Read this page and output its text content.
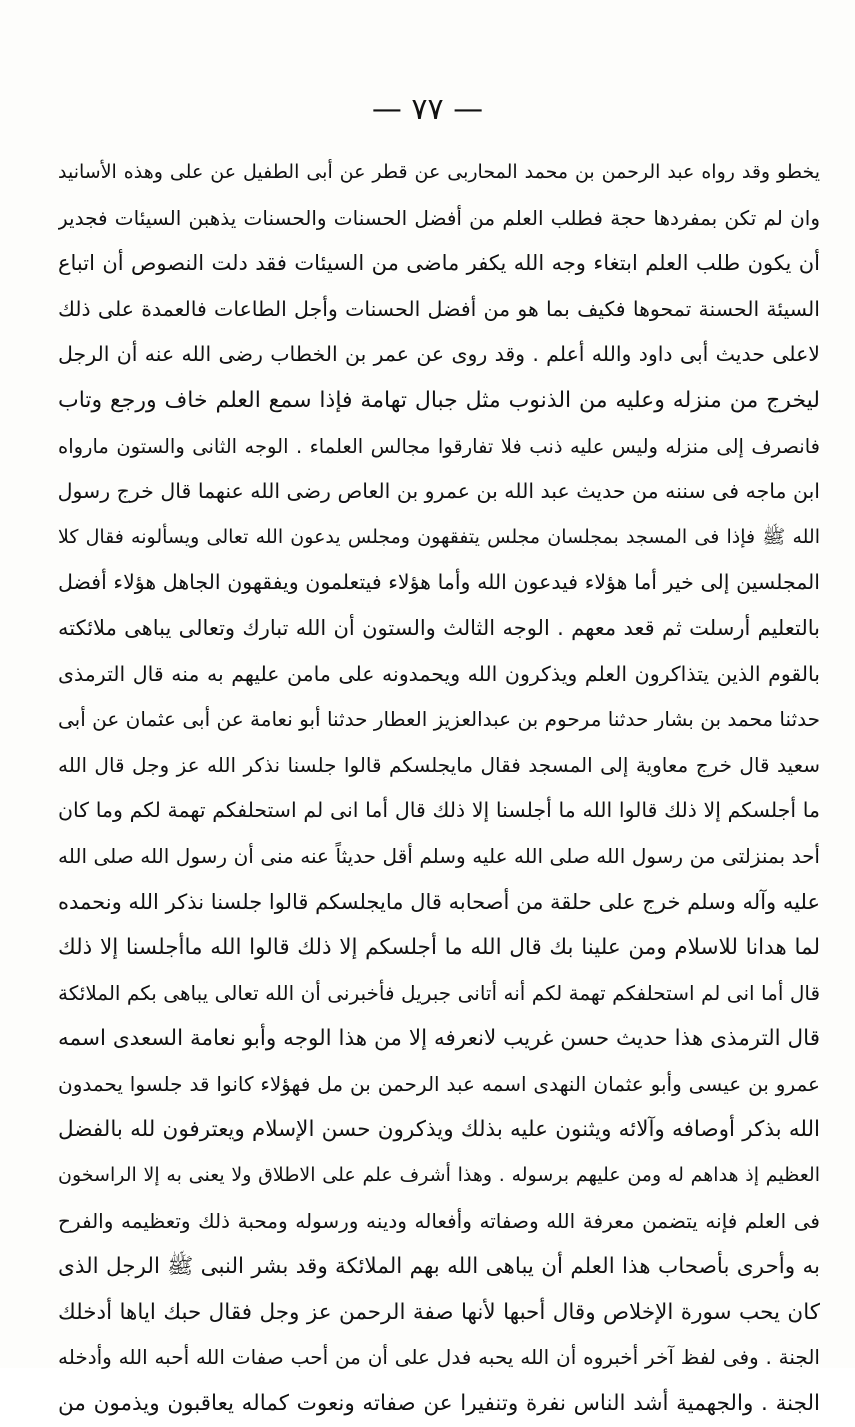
— ٧٧ —
يخطو وقد رواه عبد الرحمن بن محمد المحاربى عن قطر عن أبى الطفيل عن على وهذه الأسانيد
وان لم تكن بمفردها حجة فطلب العلم من أفضل الحسنات والحسنات يذهبن السيئات فجدير
أن يكون طلب العلم ابتغاء وجه الله يكفر ماضى من السيئات فقد دلت النصوص أن اتباع
السيئة الحسنة تمحوها فكيف بما هو من أفضل الحسنات وأجل الطاعات فالعمدة على ذلك
لاعلى حديث أبى داود والله أعلم . وقد روى عن عمر بن الخطاب رضى الله عنه أن الرجل
ليخرج من منزله وعليه من الذنوب مثل جبال تهامة فإذا سمع العلم خاف ورجع وتاب
فانصرف إلى منزله وليس عليه ذنب فلا تفارقوا مجالس العلماء . الوجه الثانى والستون مارواه
ابن ماجه فى سننه من حديث عبد الله بن عمرو بن العاص رضى الله عنهما قال خرج رسول
الله ﷺ فإذا فى المسجد بمجلسان مجلس يتفقهون ومجلس يدعون الله تعالى ويسألونه فقال كلا
المجلسين إلى خير أما هؤلاء فيدعون الله وأما هؤلاء فيتعلمون ويفقهون الجاهل هؤلاء أفضل
بالتعليم أرسلت ثم قعد معهم . الوجه الثالث والستون أن الله تبارك وتعالى يباهى ملائكته
بالقوم الذين يتذاكرون العلم ويذكرون الله ويحمدونه على مامن عليهم به منه قال الترمذى
حدثنا محمد بن بشار حدثنا مرحوم بن عبدالعزيز العطار حدثنا أبو نعامة عن أبى عثمان عن أبى
سعيد قال خرج معاوية إلى المسجد فقال مايجلسكم قالوا جلسنا نذكر الله عز وجل قال الله
ما أجلسكم إلا ذلك قالوا الله ما أجلسنا إلا ذلك قال أما انى لم استحلفكم تهمة لكم وما كان
أحد بمنزلتى من رسول الله صلى الله عليه وسلم أقل حديثاً عنه منى أن رسول الله صلى الله
عليه وآله وسلم خرج على حلقة من أصحابه قال مايجلسكم قالوا جلسنا نذكر الله ونحمده
لما هدانا للاسلام ومن علينا بك قال الله ما أجلسكم إلا ذلك قالوا الله ماأجلسنا إلا ذلك
قال أما انى لم استحلفكم تهمة لكم أنه أتانى جبريل فأخبرنى أن الله تعالى يباهى بكم الملائكة
قال الترمذى هذا حديث حسن غريب لانعرفه إلا من هذا الوجه وأبو نعامة السعدى اسمه
عمرو بن عيسى وأبو عثمان النهدى اسمه عبد الرحمن بن مل فهؤلاء كانوا قد جلسوا يحمدون
الله بذكر أوصافه وآلائه ويثنون عليه بذلك ويذكرون حسن الإسلام ويعترفون لله بالفضل
العظيم إذ هداهم له ومن عليهم برسوله . وهذا أشرف علم على الاطلاق ولا يعنى به إلا الراسخون
فى العلم فإنه يتضمن معرفة الله وصفاته وأفعاله ودينه ورسوله ومحبة ذلك وتعظيمه والفرح
به وأحرى بأصحاب هذا العلم أن يباهى الله بهم الملائكة وقد بشر النبى ﷺ الرجل الذى
كان يحب سورة الإخلاص وقال أحبها لأنها صفة الرحمن عز وجل فقال حبك اياها أدخلك
الجنة . وفى لفظ آخر أخبروه أن الله يحبه فدل على أن من أحب صفات الله أحبه الله وأدخله
الجنة . والجهمية أشد الناس نفرة وتنفيرا عن صفاته ونعوت كماله يعاقبون ويذمون من
